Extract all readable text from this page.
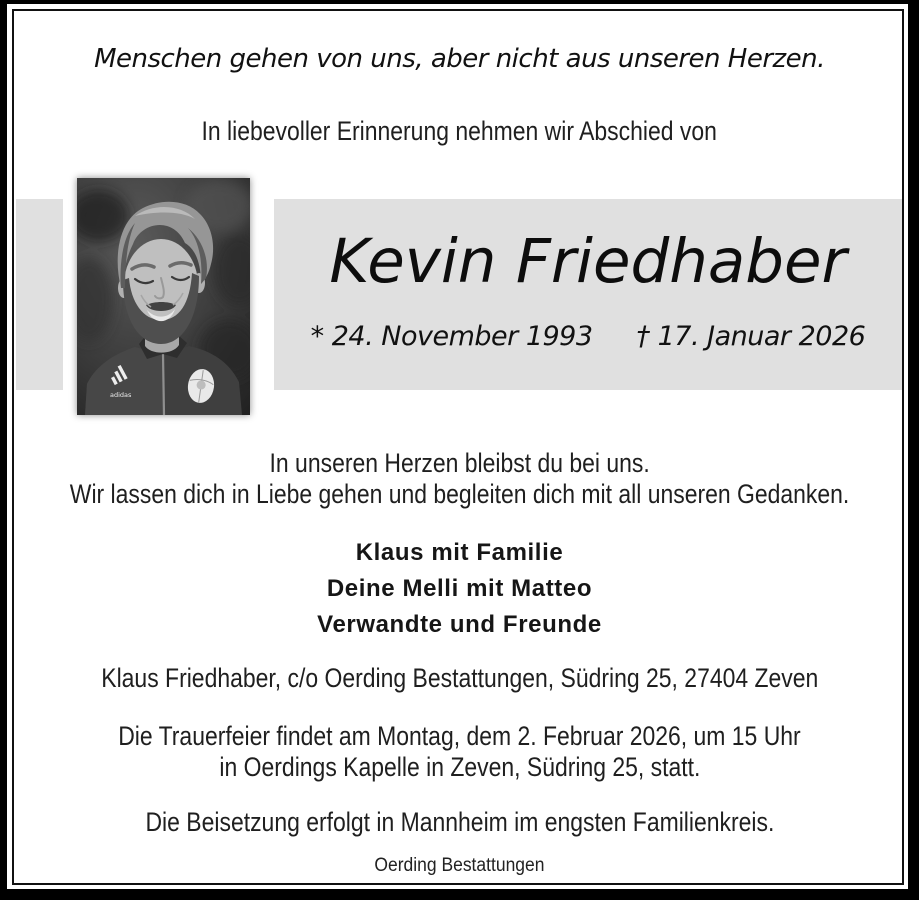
Menschen gehen von uns, aber nicht aus unseren Herzen.
In liebevoller Erinnerung nehmen wir Abschied von
adidas
Kevin Friedhaber
* 24. November 1993 † 17. Januar 2026
In unseren Herzen bleibst du bei uns.
Wir lassen dich in Liebe gehen und begleiten dich mit all unseren Gedanken.
Klaus mit Familie
Deine Melli mit Matteo
Verwandte und Freunde
Klaus Friedhaber, c/o Oerding Bestattungen, Südring 25, 27404 Zeven
Die Trauerfeier findet am Montag, dem 2. Februar 2026, um 15 Uhr
in Oerdings Kapelle in Zeven, Südring 25, statt.
Die Beisetzung erfolgt in Mannheim im engsten Familienkreis.
Oerding Bestattungen
